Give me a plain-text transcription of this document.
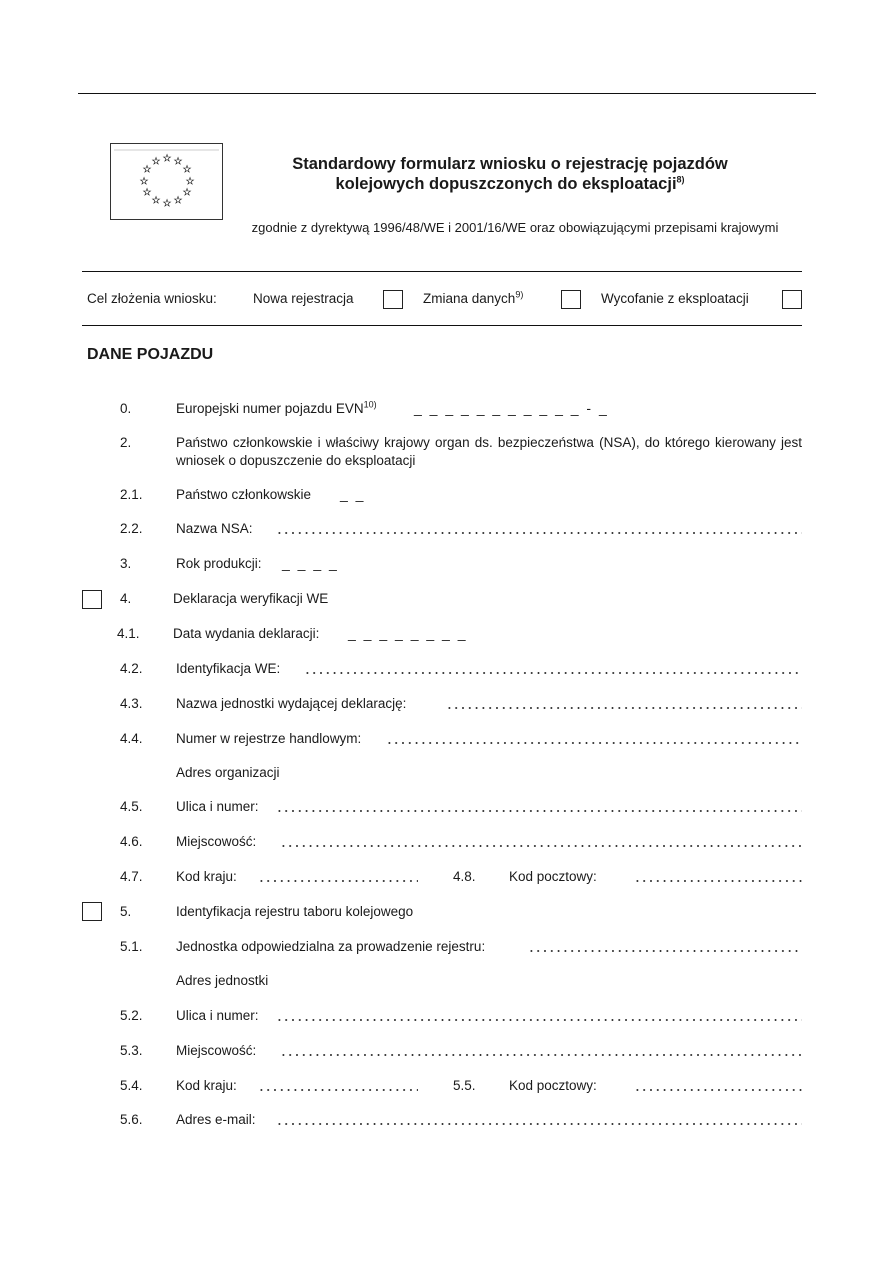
★ ★
★
★
★
★
★
★
★
★
★
★	Standardowy formularz wniosku o rejestrację pojazdów
kolejowych dopuszczonych do eksploatacji$^{8)}$
zgodnie z dyrektywą 1996/48/WE i 2001/16/WE oraz obowiązującymi przepisami krajowymi
Cel złożenia wniosku:	Nowa rejestracja	Zmiana danych$^{9)}$	Wycofanie z eksploatacji
DANE POJAZDU
0.	Europejski numer pojazdu EVN$^{10)}$	_ _ _ _ _ _ _ _ _ _ _ - _
2.	Państwo członkowskie i właściwy krajowy organ ds. bezpieczeństwa (NSA), do którego kierowany jest wniosek o dopuszczenie do eksploatacji
2.1. Państwo członkowskie _ _
2.2. Nazwa NSA:
3.	Rok produkcji: _ _ _ _
4.	Deklaracja weryfikacji WE
4.1. Data wydania deklaracji: _ _ _ _ _ _ _ _
4.2. Identyfikacja WE:
4.3. Nazwa jednostki wydającej deklarację:
4.4. Numer w rejestrze handlowym:
Adres organizacji
4.5. Ulica i numer:
4.6. Miejscowość:
4.7. Kod kraju:	4.8. Kod pocztowy:
5.	Identyfikacja rejestru taboru kolejowego
5.1. Jednostka odpowiedzialna za prowadzenie rejestru:
Adres jednostki
5.2. Ulica i numer:
5.3. Miejscowość:
5.4. Kod kraju:	5.5. Kod pocztowy:
5.6. Adres e-mail:
